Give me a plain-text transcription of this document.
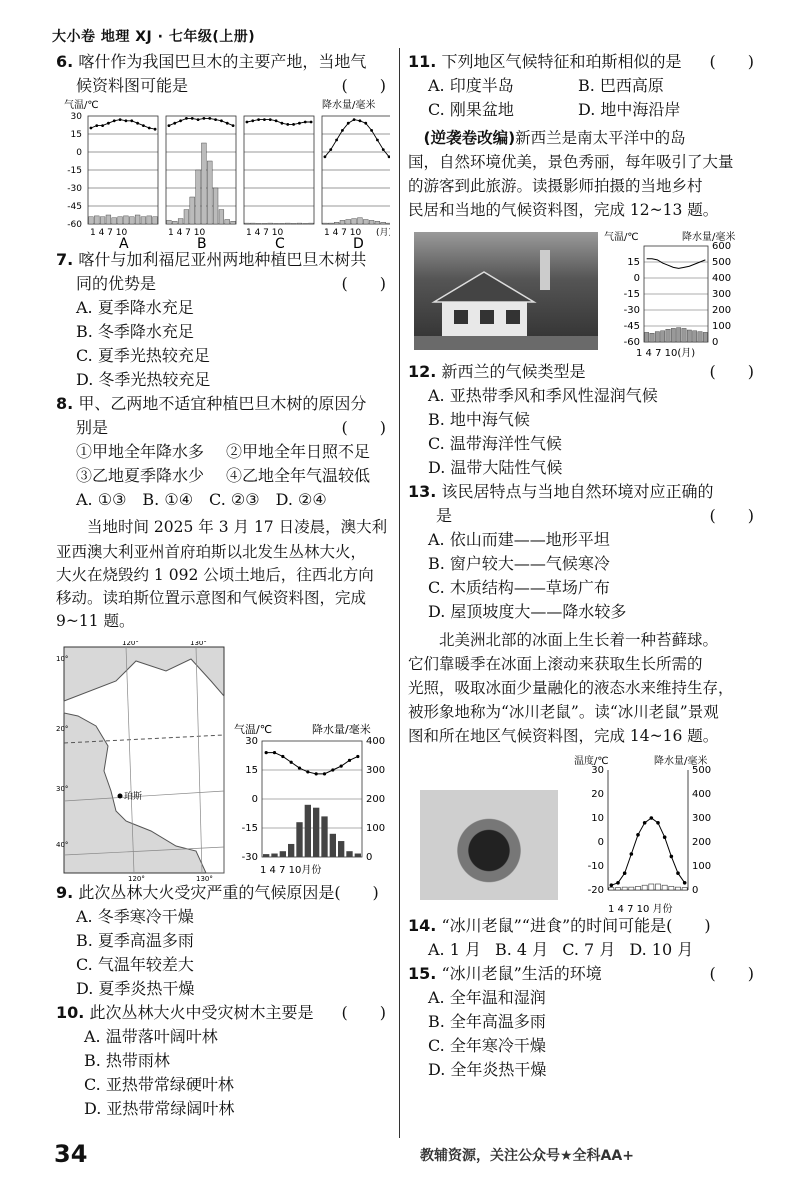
大小卷 地理 XJ · 七年级(上册)
6. 喀什作为我国巴旦木的主要产地，当地气
候资料图可能是	(　　)
气温/℃	降水量/毫米
30
15
0
-15
-30
-45
-60
1 4 7 10
A
1 4 7 10
B
1 4 7 10
C
1 4 7 10
D
(月
7. 喀什与加利福尼亚州两地种植巴旦木树共
同的优势是	(　　)
A. 夏季降水充足
B. 冬季降水充足
C. 夏季光热较充足
D. 冬季光热较充足
8. 甲、乙两地不适宜种植巴旦木树的原因分
别是	(　　)
①甲地全年降水多	②甲地全年日照不足
③乙地夏季降水少	④乙地全年气温较低
A. ①③ B. ①④ C. ②③ D. ②④
当地时间 2025 年 3 月 17 日凌晨，澳大利
亚西澳大利亚州首府珀斯以北发生丛林大火，
大火在烧毁约 1 092 公顷土地后，往西北方向
移动。读珀斯位置示意图和气候资料图，完成
9~11 题。
珀斯
120°	130°
10°
20°
30°
40°
120°	130°
气温/℃	降水量/毫米
30
15
0
-15
-30
400
300
200
100
0
1 4 7 10月份
9. 此次丛林大火受灾严重的气候原因是(　　)
A. 冬季寒冷干燥
B. 夏季高温多雨
C. 气温年较差大
D. 夏季炎热干燥
10. 此次丛林大火中受灾树木主要是 (　　)
A. 温带落叶阔叶林
B. 热带雨林
C. 亚热带常绿硬叶林
D. 亚热带常绿阔叶林
11. 下列地区气候特征和珀斯相似的是 (　　)
A. 印度半岛	B. 巴西高原
C. 刚果盆地	D. 地中海沿岸
(逆袭卷改编)新西兰是南太平洋中的岛
国，自然环境优美，景色秀丽，每年吸引了大量
的游客到此旅游。读摄影师拍摄的当地乡村
民居和当地的气候资料图，完成 12~13 题。
气温/℃	降水量/毫米
15
0
-15
-30
-45
-60
600
500
400
300
200
100
0
1 4 7 10(月)
12. 新西兰的气候类型是	(　　)
A. 亚热带季风和季风性湿润气候
B. 地中海气候
C. 温带海洋性气候
D. 温带大陆性气候
13. 该民居特点与当地自然环境对应正确的
是	(　　)
A. 依山而建——地形平坦
B. 窗户较大——气候寒冷
C. 木质结构——草场广布
D. 屋顶坡度大——降水较多
北美洲北部的冰面上生长着一种苔藓球。
它们靠暖季在冰面上滚动来获取生长所需的
光照，吸取冰面少量融化的液态水来维持生存，
被形象地称为“冰川老鼠”。读“冰川老鼠”景观
图和所在地区气候资料图，完成 14~16 题。
温度/℃	降水量/毫米
30
20
10
0
-10
-20
500
400
300
200
100
0
1 4 7 10 月份
14. “冰川老鼠”“进食”的时间可能是(　　)
A. 1 月 B. 4 月 C. 7 月 D. 10 月
15. “冰川老鼠”生活的环境	(　　)
A. 全年温和湿润
B. 全年高温多雨
C. 全年寒冷干燥
D. 全年炎热干燥
34	教辅资源，关注公众号★全科AA+
